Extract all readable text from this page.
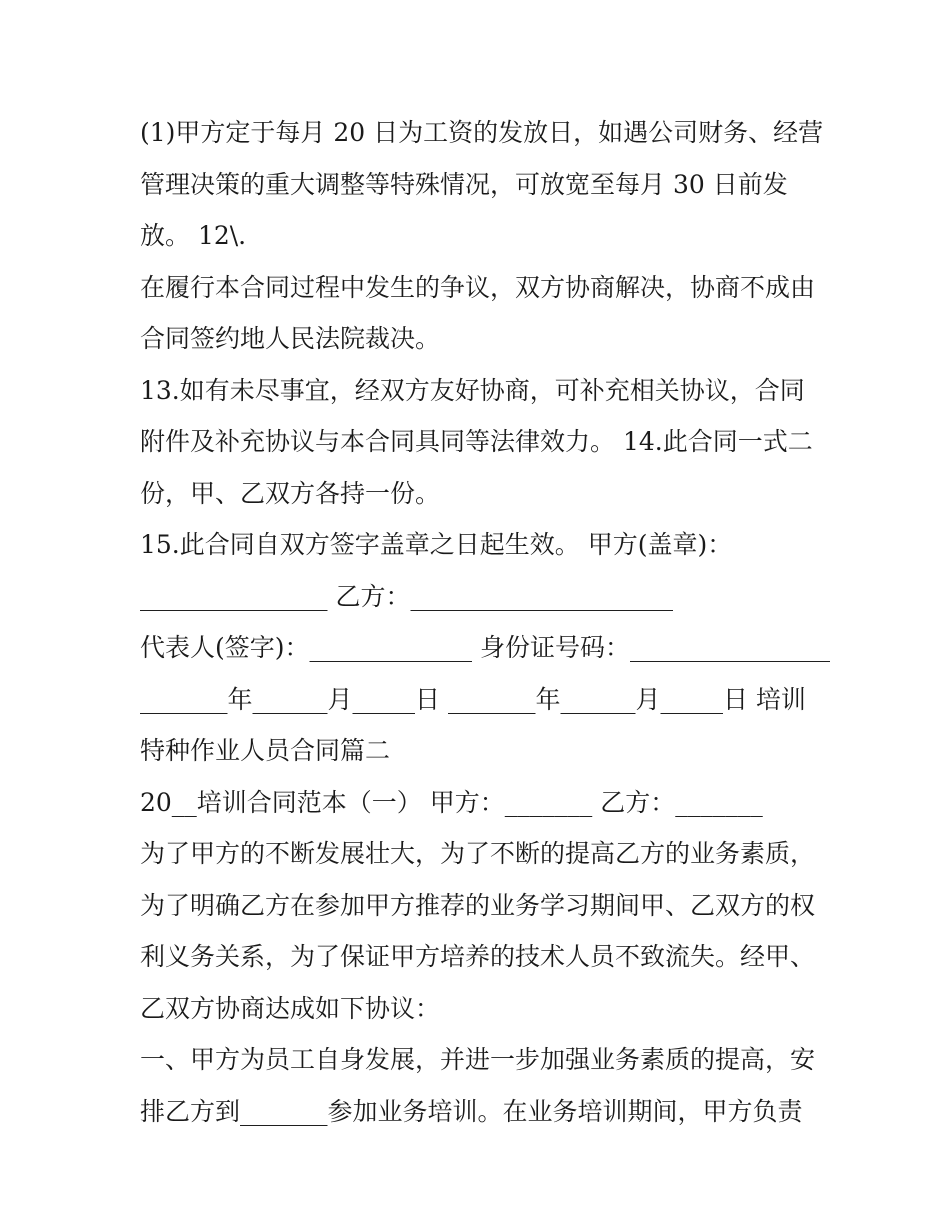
(1)甲方定于每月 20 日为工资的发放日，如遇公司财务、经营
管理决策的重大调整等特殊情况，可放宽至每月 30 日前发
放。 12\.
在履行本合同过程中发生的争议，双方协商解决，协商不成由
合同签约地人民法院裁决。
13.如有未尽事宜，经双方友好协商，可补充相关协议，合同
附件及补充协议与本合同具同等法律效力。 14.此合同一式二
份，甲、乙双方各持一份。
15.此合同自双方签字盖章之日起生效。 甲方(盖章)：
_______________ 乙方：_____________________
代表人(签字)：_____________ 身份证号码：________________
_______年______月_____日 _______年______月_____日 培训
特种作业人员合同篇二
20__培训合同范本（一） 甲方：_______ 乙方：_______
为了甲方的不断发展壮大，为了不断的提高乙方的业务素质，
为了明确乙方在参加甲方推荐的业务学习期间甲、乙双方的权
利义务关系，为了保证甲方培养的技术人员不致流失。经甲、
乙双方协商达成如下协议：
一、甲方为员工自身发展，并进一步加强业务素质的提高，安
排乙方到_______参加业务培训。在业务培训期间，甲方负责
